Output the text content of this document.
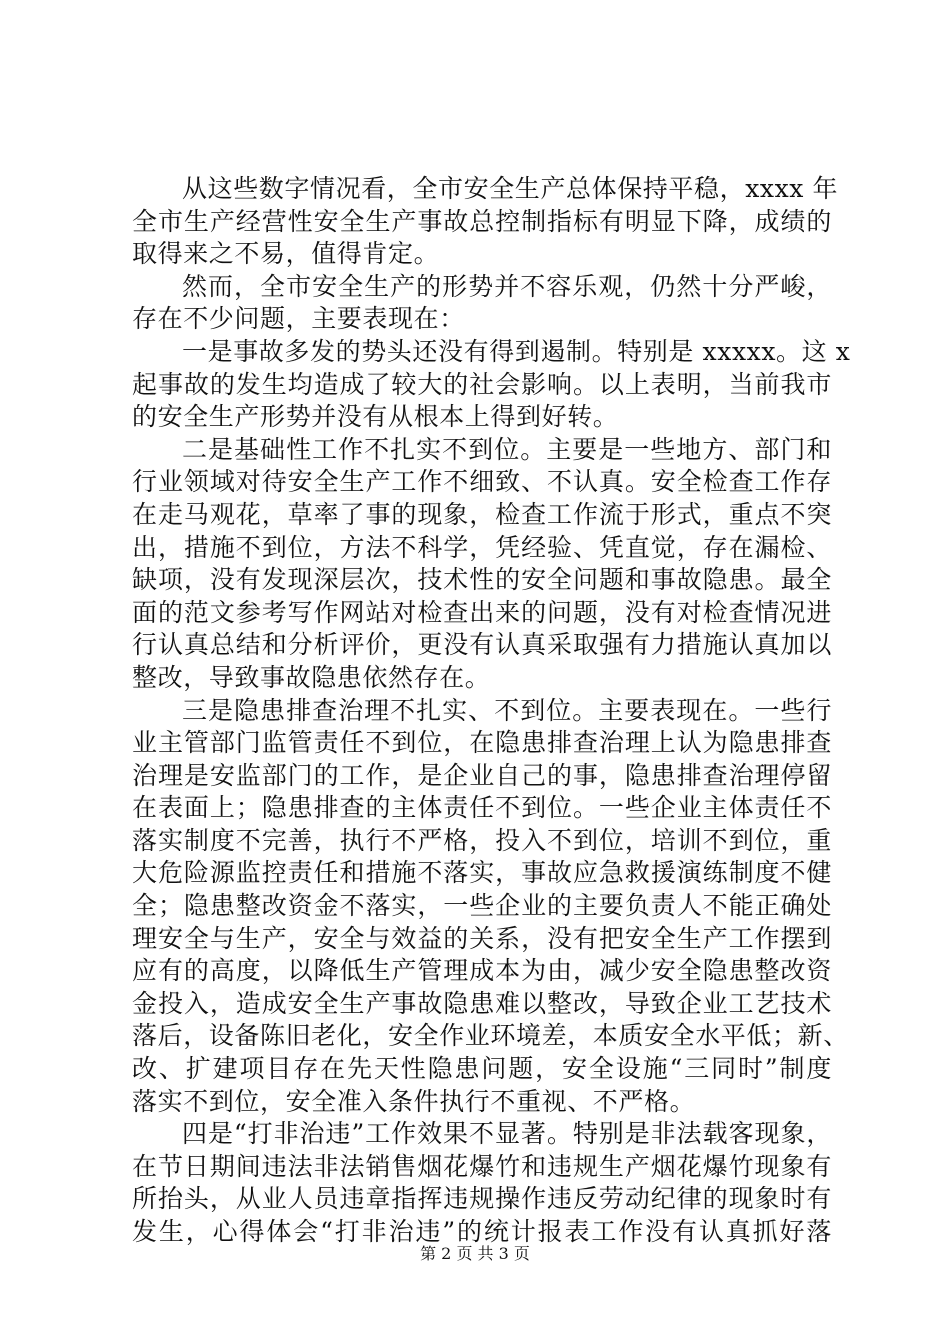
从这些数字情况看，全市安全生产总体保持平稳，xxxx 年
全市生产经营性安全生产事故总控制指标有明显下降，成绩的
取得来之不易，值得肯定。
然而，全市安全生产的形势并不容乐观，仍然十分严峻，
存在不少问题，主要表现在：
一是事故多发的势头还没有得到遏制。特别是 xxxxx。这 x
起事故的发生均造成了较大的社会影响。以上表明，当前我市
的安全生产形势并没有从根本上得到好转。
二是基础性工作不扎实不到位。主要是一些地方、部门和
行业领域对待安全生产工作不细致、不认真。安全检查工作存
在走马观花，草率了事的现象，检查工作流于形式，重点不突
出，措施不到位，方法不科学，凭经验、凭直觉，存在漏检、
缺项，没有发现深层次，技术性的安全问题和事故隐患。最全
面的范文参考写作网站对检查出来的问题，没有对检查情况进
行认真总结和分析评价，更没有认真采取强有力措施认真加以
整改，导致事故隐患依然存在。
三是隐患排查治理不扎实、不到位。主要表现在。一些行
业主管部门监管责任不到位，在隐患排查治理上认为隐患排查
治理是安监部门的工作，是企业自己的事，隐患排查治理停留
在表面上；隐患排查的主体责任不到位。一些企业主体责任不
落实制度不完善，执行不严格，投入不到位，培训不到位，重
大危险源监控责任和措施不落实，事故应急救援演练制度不健
全；隐患整改资金不落实，一些企业的主要负责人不能正确处
理安全与生产，安全与效益的关系，没有把安全生产工作摆到
应有的高度，以降低生产管理成本为由，减少安全隐患整改资
金投入，造成安全生产事故隐患难以整改，导致企业工艺技术
落后，设备陈旧老化，安全作业环境差，本质安全水平低；新、
改、扩建项目存在先天性隐患问题，安全设施“三同时”制度
落实不到位，安全准入条件执行不重视、不严格。
四是“打非治违”工作效果不显著。特别是非法载客现象，
在节日期间违法非法销售烟花爆竹和违规生产烟花爆竹现象有
所抬头，从业人员违章指挥违规操作违反劳动纪律的现象时有
发生，心得体会“打非治违”的统计报表工作没有认真抓好落
第 2 页 共 3 页
